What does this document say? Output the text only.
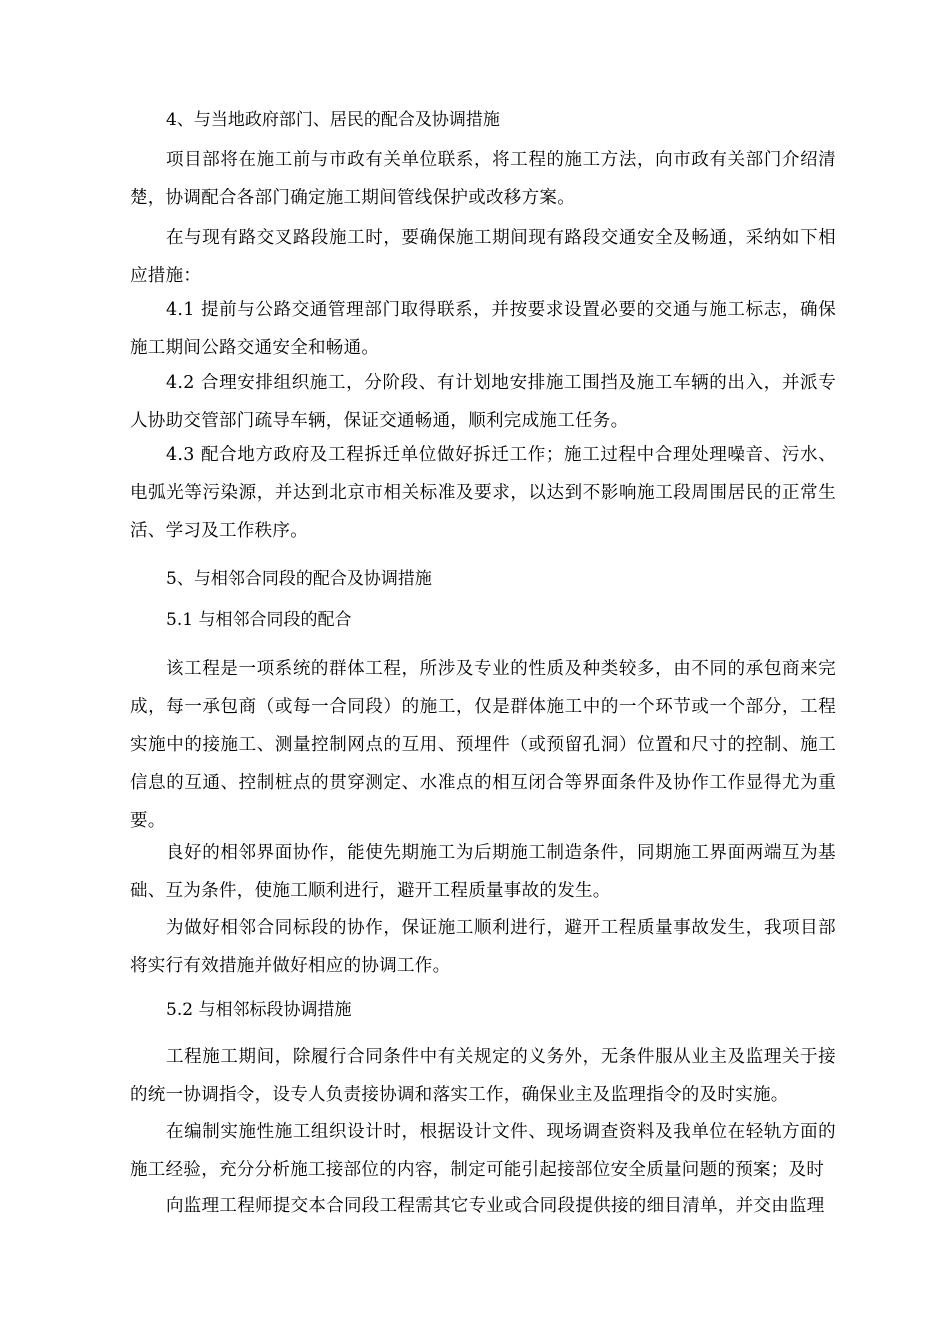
4、与当地政府部门、居民的配合及协调措施
项目部将在施工前与市政有关单位联系，将工程的施工方法，向市政有关部门介绍清楚，协调配合各部门确定施工期间管线保护或改移方案。
在与现有路交叉路段施工时，要确保施工期间现有路段交通安全及畅通，采纳如下相应措施：
4.1 提前与公路交通管理部门取得联系，并按要求设置必要的交通与施工标志，确保施工期间公路交通安全和畅通。
4.2 合理安排组织施工，分阶段、有计划地安排施工围挡及施工车辆的出入，并派专人协助交管部门疏导车辆，保证交通畅通，顺利完成施工任务。
4.3 配合地方政府及工程拆迁单位做好拆迁工作；施工过程中合理处理噪音、污水、电弧光等污染源，并达到北京市相关标准及要求，以达到不影响施工段周围居民的正常生活、学习及工作秩序。
5、与相邻合同段的配合及协调措施
5.1 与相邻合同段的配合
该工程是一项系统的群体工程，所涉及专业的性质及种类较多，由不同的承包商来完成，每一承包商（或每一合同段）的施工，仅是群体施工中的一个环节或一个部分，工程实施中的接施工、测量控制网点的互用、预埋件（或预留孔洞）位置和尺寸的控制、施工信息的互通、控制桩点的贯穿测定、水准点的相互闭合等界面条件及协作工作显得尤为重要。
良好的相邻界面协作，能使先期施工为后期施工制造条件，同期施工界面两端互为基础、互为条件，使施工顺利进行，避开工程质量事故的发生。
为做好相邻合同标段的协作，保证施工顺利进行，避开工程质量事故发生，我项目部将实行有效措施并做好相应的协调工作。
5.2 与相邻标段协调措施
工程施工期间，除履行合同条件中有关规定的义务外，无条件服从业主及监理关于接的统一协调指令，设专人负责接协调和落实工作，确保业主及监理指令的及时实施。
在编制实施性施工组织设计时，根据设计文件、现场调查资料及我单位在轻轨方面的施工经验，充分分析施工接部位的内容，制定可能引起接部位安全质量问题的预案；及时
向监理工程师提交本合同段工程需其它专业或合同段提供接的细目清单，并交由监理
